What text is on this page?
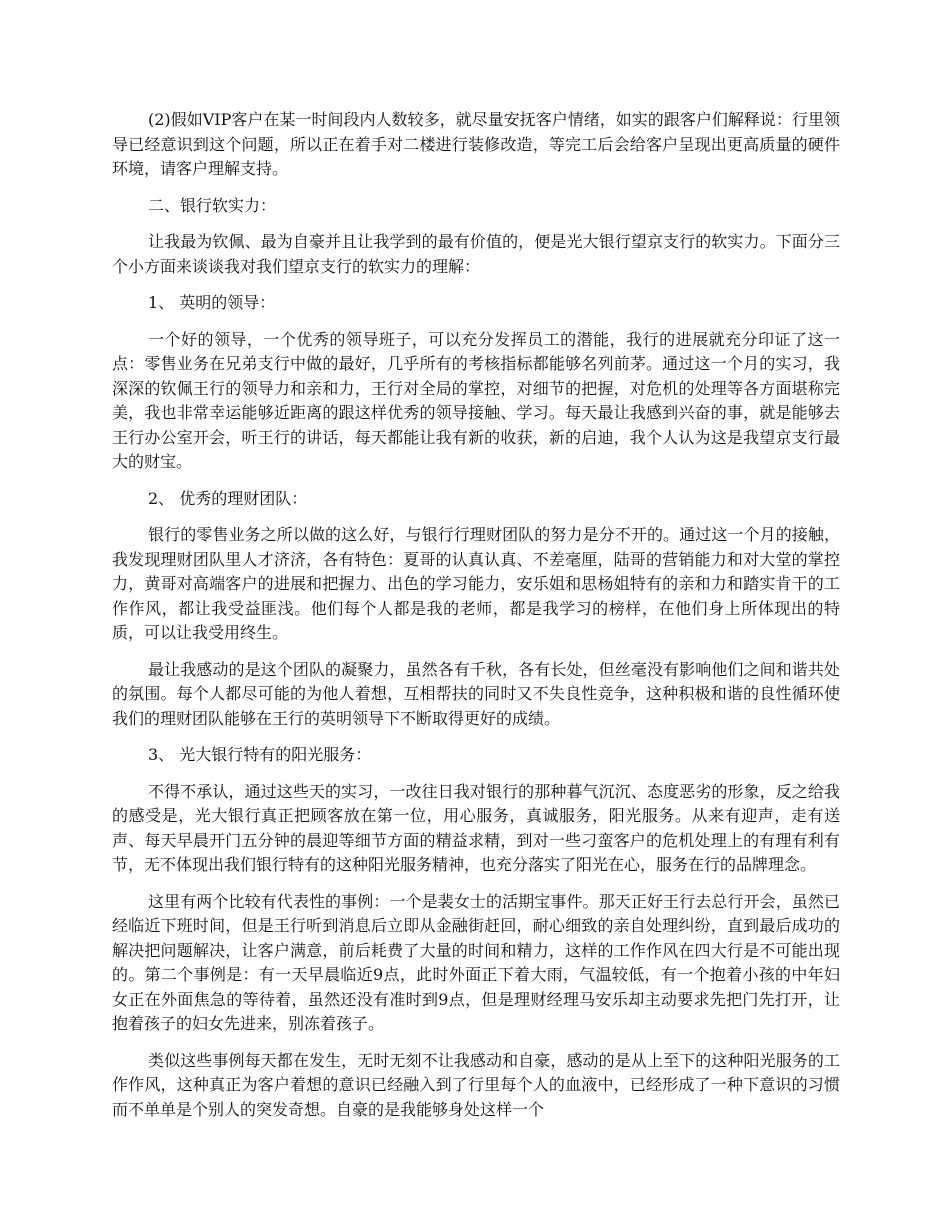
(2)假如VIP客户在某一时间段内人数较多，就尽量安抚客户情绪，如实的跟客户们解释说：行里领导已经意识到这个问题，所以正在着手对二楼进行装修改造，等完工后会给客户呈现出更高质量的硬件环境，请客户理解支持。

二、银行软实力：

让我最为钦佩、最为自豪并且让我学到的最有价值的，便是光大银行望京支行的软实力。下面分三个小方面来谈谈我对我们望京支行的软实力的理解：

1、 英明的领导：

一个好的领导，一个优秀的领导班子，可以充分发挥员工的潜能，我行的进展就充分印证了这一点：零售业务在兄弟支行中做的最好，几乎所有的考核指标都能够名列前茅。通过这一个月的实习，我深深的钦佩王行的领导力和亲和力，王行对全局的掌控，对细节的把握，对危机的处理等各方面堪称完美，我也非常幸运能够近距离的跟这样优秀的领导接触、学习。每天最让我感到兴奋的事，就是能够去王行办公室开会，听王行的讲话，每天都能让我有新的收获，新的启迪，我个人认为这是我望京支行最大的财宝。

2、 优秀的理财团队：

银行的零售业务之所以做的这么好，与银行行理财团队的努力是分不开的。通过这一个月的接触，我发现理财团队里人才济济，各有特色：夏哥的认真认真、不差毫厘，陆哥的营销能力和对大堂的掌控力，黄哥对高端客户的进展和把握力、出色的学习能力，安乐姐和思杨姐特有的亲和力和踏实肯干的工作作风，都让我受益匪浅。他们每个人都是我的老师，都是我学习的榜样，在他们身上所体现出的特质，可以让我受用终生。

最让我感动的是这个团队的凝聚力，虽然各有千秋，各有长处，但丝毫没有影响他们之间和谐共处的氛围。每个人都尽可能的为他人着想，互相帮扶的同时又不失良性竞争，这种积极和谐的良性循环使我们的理财团队能够在王行的英明领导下不断取得更好的成绩。

3、 光大银行特有的阳光服务：

不得不承认，通过这些天的实习，一改往日我对银行的那种暮气沉沉、态度恶劣的形象，反之给我的感受是，光大银行真正把顾客放在第一位，用心服务，真诚服务，阳光服务。从来有迎声，走有送声、每天早晨开门五分钟的晨迎等细节方面的精益求精，到对一些刁蛮客户的危机处理上的有理有利有节，无不体现出我们银行特有的这种阳光服务精神，也充分落实了阳光在心，服务在行的品牌理念。

这里有两个比较有代表性的事例：一个是裴女士的活期宝事件。那天正好王行去总行开会，虽然已经临近下班时间，但是王行听到消息后立即从金融街赶回，耐心细致的亲自处理纠纷，直到最后成功的解决把问题解决，让客户满意，前后耗费了大量的时间和精力，这样的工作作风在四大行是不可能出现的。第二个事例是：有一天早晨临近9点，此时外面正下着大雨，气温较低，有一个抱着小孩的中年妇女正在外面焦急的等待着，虽然还没有准时到9点，但是理财经理马安乐却主动要求先把门先打开，让抱着孩子的妇女先进来，别冻着孩子。

类似这些事例每天都在发生，无时无刻不让我感动和自豪，感动的是从上至下的这种阳光服务的工作作风，这种真正为客户着想的意识已经融入到了行里每个人的血液中，已经形成了一种下意识的习惯而不单单是个别人的突发奇想。自豪的是我能够身处这样一个
